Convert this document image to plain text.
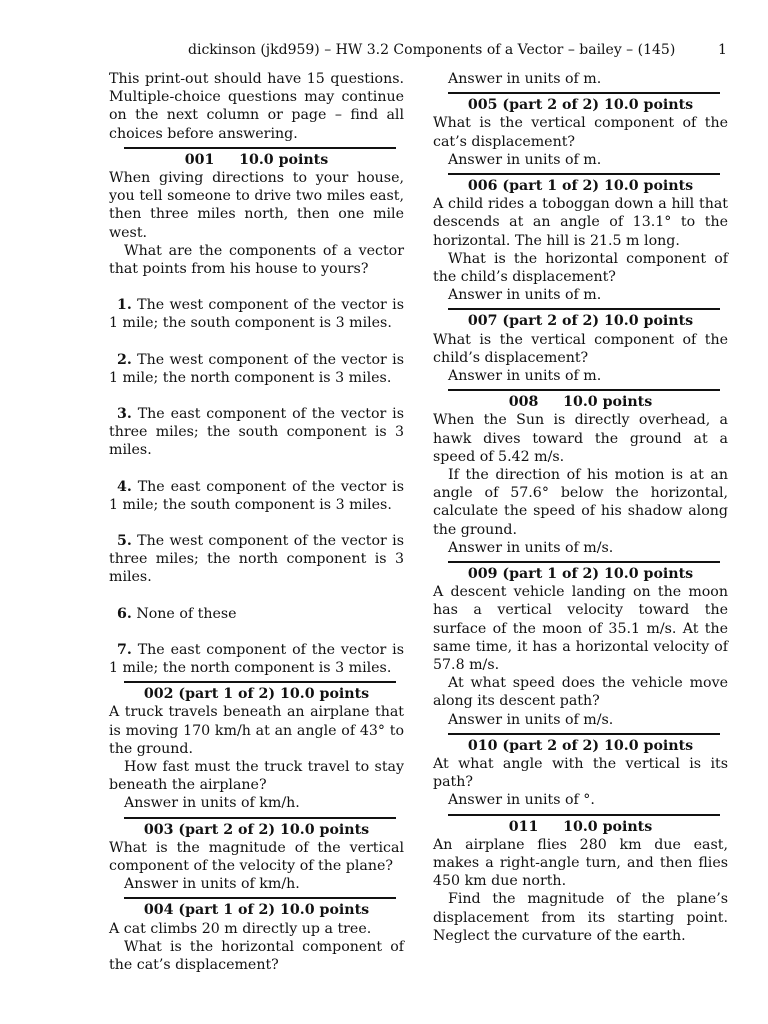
dickinson (jkd959) – HW 3.2 Components of a Vector – bailey – (145)	1

This print-out should have 15 questions. Multiple-choice questions may continue on the next column or page – find all choices before answering.

001     10.0 points

When giving directions to your house, you tell someone to drive two miles east, then three miles north, then one mile west.

What are the components of a vector that points from his house to yours?

1. The west component of the vector is 1 mile; the south component is 3 miles.

2. The west component of the vector is 1 mile; the north component is 3 miles.

3. The east component of the vector is three miles; the south component is 3 miles.

4. The east component of the vector is 1 mile; the south component is 3 miles.

5. The west component of the vector is three miles; the north component is 3 miles.

6. None of these

7. The east component of the vector is 1 mile; the north component is 3 miles.

002 (part 1 of 2) 10.0 points

A truck travels beneath an airplane that is moving 170 km/h at an angle of 43° to the ground.

How fast must the truck travel to stay beneath the airplane?

Answer in units of km/h.

003 (part 2 of 2) 10.0 points

What is the magnitude of the vertical component of the velocity of the plane?

Answer in units of km/h.

004 (part 1 of 2) 10.0 points

A cat climbs 20 m directly up a tree.

What is the horizontal component of the cat’s displacement?

Answer in units of m.

005 (part 2 of 2) 10.0 points

What is the vertical component of the cat’s displacement?

Answer in units of m.

006 (part 1 of 2) 10.0 points

A child rides a toboggan down a hill that descends at an angle of 13.1° to the horizontal. The hill is 21.5 m long.

What is the horizontal component of the child’s displacement?

Answer in units of m.

007 (part 2 of 2) 10.0 points

What is the vertical component of the child’s displacement?

Answer in units of m.

008     10.0 points

When the Sun is directly overhead, a hawk dives toward the ground at a speed of 5.42 m/s.

If the direction of his motion is at an angle of 57.6° below the horizontal, calculate the speed of his shadow along the ground.

Answer in units of m/s.

009 (part 1 of 2) 10.0 points

A descent vehicle landing on the moon has a vertical velocity toward the surface of the moon of 35.1 m/s. At the same time, it has a horizontal velocity of 57.8 m/s.

At what speed does the vehicle move along its descent path?

Answer in units of m/s.

010 (part 2 of 2) 10.0 points

At what angle with the vertical is its path?

Answer in units of °.

011     10.0 points

An airplane flies 280 km due east, makes a right-angle turn, and then flies 450 km due north.

Find the magnitude of the plane’s displacement from its starting point. Neglect the curvature of the earth.
